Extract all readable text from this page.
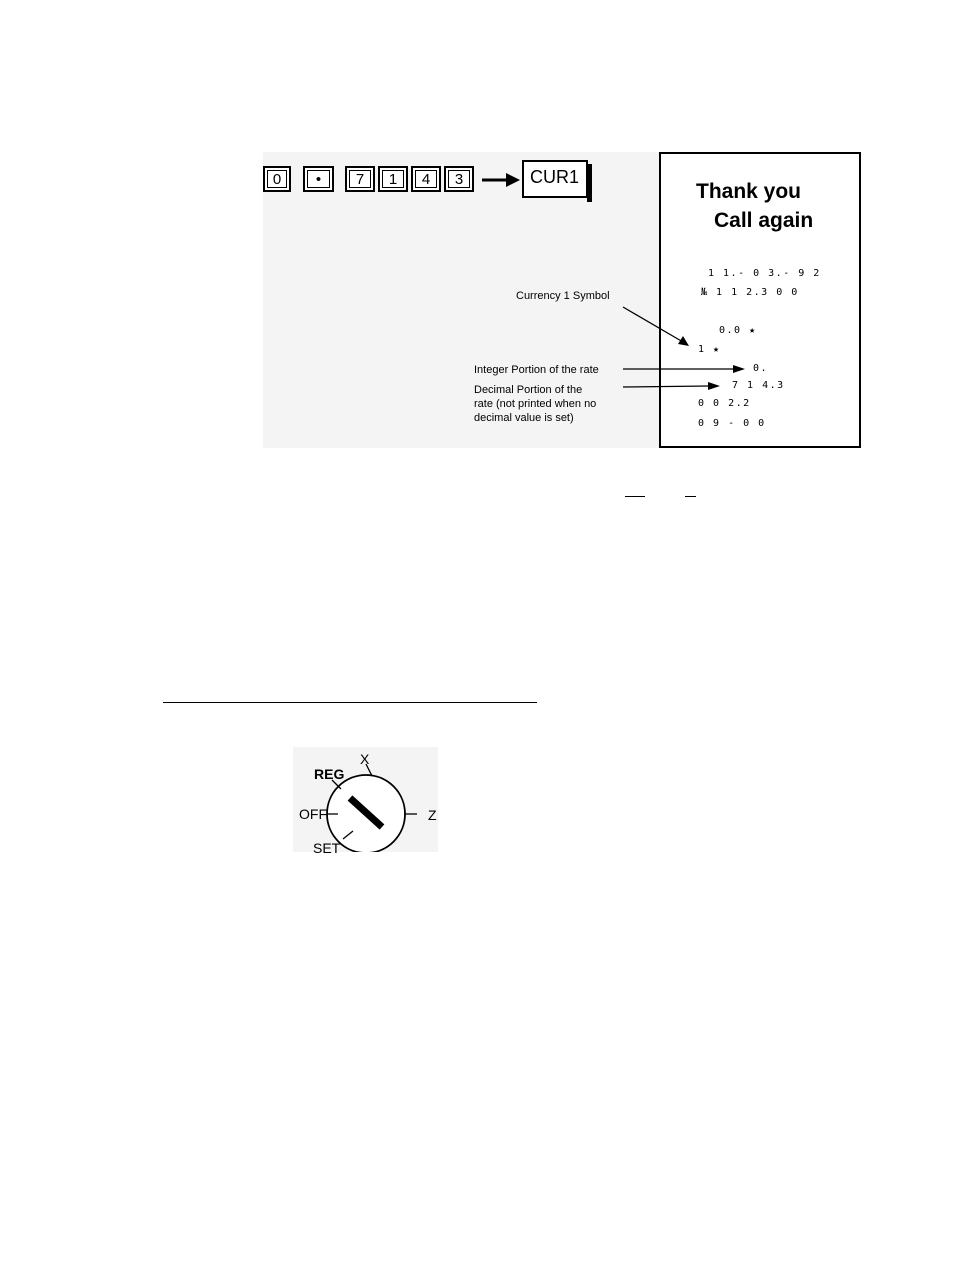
0 • 7 1 4 3	CUR1
Thank you
Call again
1 1.- 0 3.- 9 2
№ 1 1 2.3 0 0
0.0 ★
1 ★
0.
7 1 4.3
0 0 2.2
0 9 - 0 0
Currency 1 Symbol
Integer Portion of the rate
Decimal Portion of the
rate (not printed when no
decimal value is set)
X
REG
OFF	Z
SET
